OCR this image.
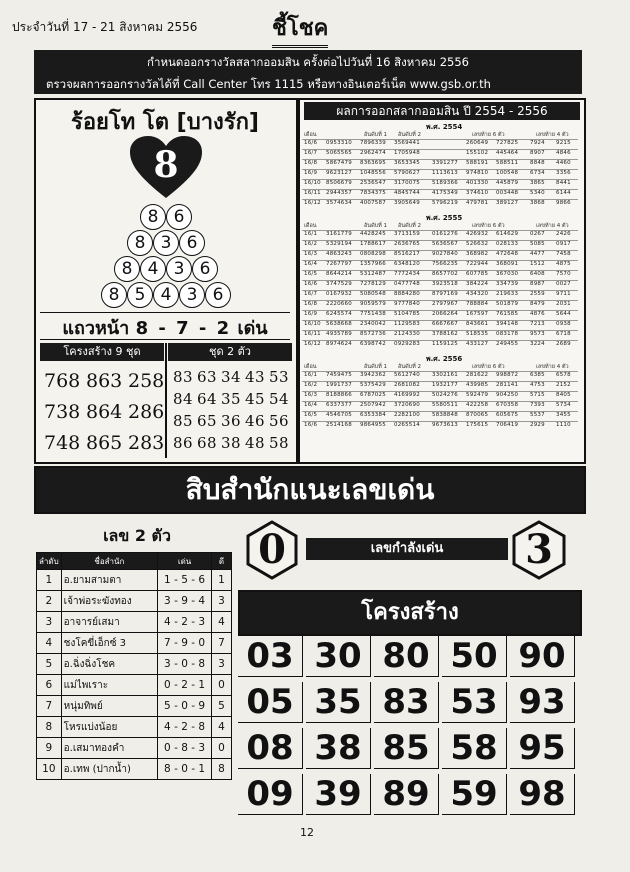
ประจำวันที่ 17 - 21 สิงหาคม 2556	ชี้โชค
กำหนดออกรางวัลสลากออมสิน ครั้งต่อไปวันที่ 16 สิงหาคม 2556
ตรวจผลการออกรางวัลได้ที่ Call Center โทร 1115 หรือทางอินเตอร์เน็ต www.gsb.or.th
ร้อยโท โต [บางรัก]
8
8 6
8 3 6
8 4 3 6
8 5 4 3 6
แถวหน้า 8 - 7 - 2 เด่น
โครงสร้าง 9 ชุด	ชุด 2 ตัว
768 863 258
738 864 286
748 865 283
83 63 34 43 53
84 64 35 45 54
85 65 36 46 56
86 68 38 48 58
ผลการออกสลากออมสิน ปี 2554 - 2556
พ.ศ. 2554
เดือน	อันดับที่ 1 อันดับที่ 2	เลขท้าย 6 ตัว	เลขท้าย 4 ตัว
16/6 0953310 7896339 3569441	260649 727825 7924 9215
16/7 5065565 2962474 1705948	155102 445464 8907 4846
16/8 5867479 8363695 3653345 3391277 588191 588511 8848 4460
16/9 9623127 1048556 5790627 1113613 974810 100548 6734 3356
16/10 8506679 2536547 3170075 5189366 401330 445879 3865 8441
16/11 2944357 7834375 4845744 4175349 374610 003448 5340 6144
16/12 3574634 4007587 3905649 5796219 479781 389127 3868 9866
พ.ศ. 2555
เดือน	อันดับที่ 1 อันดับที่ 2	เลขท้าย 6 ตัว	เลขท้าย 4 ตัว
16/1 3161779 4428245 3713159 0161276 426932 614629 0267 2426
16/2 5329194 1788617 2636765 5636567 526632 028133 5085 0917
16/3 4863243 0808298 8516217 9027840 368982 472648 4477 7458
16/4 7267797 1357966 6348120 7566235 722944 368091 1512 4875
16/5 8644214 5312487 7772434 8657702 607785 367030 6408 7570
16/6 3747529 7278129 0477748 3923518 384224 334739 8987 0027
16/7 0167932 5080548 8884280 8797169 434320 219633 2559 9711
16/8 2220660 9059579 9777840 2797967 788884 501879 8479 2031
16/9 6245574 7751438 5104785 2066264 167597 761585 4876 5644
16/10 5638668 2340042 1129583 6667667 843661 394148 7213 0938
16/11 4935789 8572736 2124330 3788162 518535 083178 9573 6718
16/12 8974624 6398742 0929283 1159125 433127 249455 3224 2689
พ.ศ. 2556
เดือน	อันดับที่ 1 อันดับที่ 2	เลขท้าย 6 ตัว	เลขท้าย 4 ตัว
16/1 7459475 3942362 5612740 3302161 281622 998872 6385 6578
16/2 1991737 5375429 2681082 1932177 439985 281141 4753 2152
16/3 8188866 6787025 4169992 5024276 592479 904250 5715 8405
16/4 6337377 2507942 3720690 5580511 422258 670358 7393 5734
16/5 4546705 6353384 2282100 5838848 870065 605675 5537 3455
16/6 2514168 9864955 0265514 9673613 175615 706419 2929 1110
สิบสำนักแนะเลขเด่น
เลข 2 ตัว
ลำดับ	ชื่อสำนัก	เด่น	ดี
1	อ.ยามสามตา	1 - 5 - 6	1
2	เจ้าพ่อระฆังทอง	3 - 9 - 4	3
3	อาจารย์เสมา	4 - 2 - 3	4
4	ชงโคขี่เอ็กซ์ 3	7 - 9 - 0	7
5	อ.ฉิ่งฉิ่งโชค	3 - 0 - 8	3
6	แม่ไพเราะ	0 - 2 - 1	0
7	หนุ่มทิพย์	5 - 0 - 9	5
8	โหรแบ่งน้อย	4 - 2 - 8	4
9	อ.เสมาทองคำ	0 - 8 - 3	0
10	อ.เทพ (ปากน้ำ)	8 - 0 - 1	8
0	เลขกำลังเด่น	3
โครงสร้าง
03 30 80 50 90
05 35 83 53 93
08 38 85 58 95
09 39 89 59 98
12
